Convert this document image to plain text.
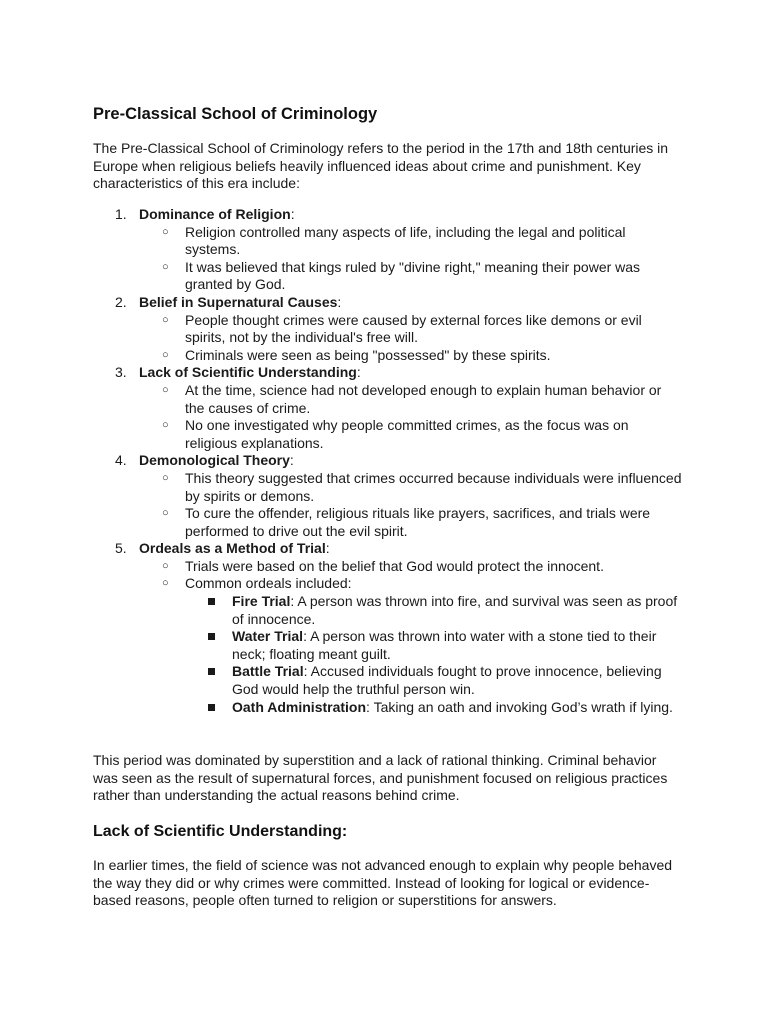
Pre-Classical School of Criminology

The Pre-Classical School of Criminology refers to the period in the 17th and 18th centuries in Europe when religious beliefs heavily influenced ideas about crime and punishment. Key characteristics of this era include:

1. Dominance of Religion:
○ Religion controlled many aspects of life, including the legal and political systems.
○ It was believed that kings ruled by "divine right," meaning their power was granted by God.
2. Belief in Supernatural Causes:
○ People thought crimes were caused by external forces like demons or evil spirits, not by the individual's free will.
○ Criminals were seen as being "possessed" by these spirits.
3. Lack of Scientific Understanding:
○ At the time, science had not developed enough to explain human behavior or the causes of crime.
○ No one investigated why people committed crimes, as the focus was on religious explanations.
4. Demonological Theory:
○ This theory suggested that crimes occurred because individuals were influenced by spirits or demons.
○ To cure the offender, religious rituals like prayers, sacrifices, and trials were performed to drive out the evil spirit.
5. Ordeals as a Method of Trial:
○ Trials were based on the belief that God would protect the innocent.
○ Common ordeals included:
Fire Trial: A person was thrown into fire, and survival was seen as proof of innocence.
Water Trial: A person was thrown into water with a stone tied to their neck; floating meant guilt.
Battle Trial: Accused individuals fought to prove innocence, believing God would help the truthful person win.
Oath Administration: Taking an oath and invoking God’s wrath if lying.

This period was dominated by superstition and a lack of rational thinking. Criminal behavior was seen as the result of supernatural forces, and punishment focused on religious practices rather than understanding the actual reasons behind crime.

Lack of Scientific Understanding:

In earlier times, the field of science was not advanced enough to explain why people behaved the way they did or why crimes were committed. Instead of looking for logical or evidence-based reasons, people often turned to religion or superstitions for answers.
